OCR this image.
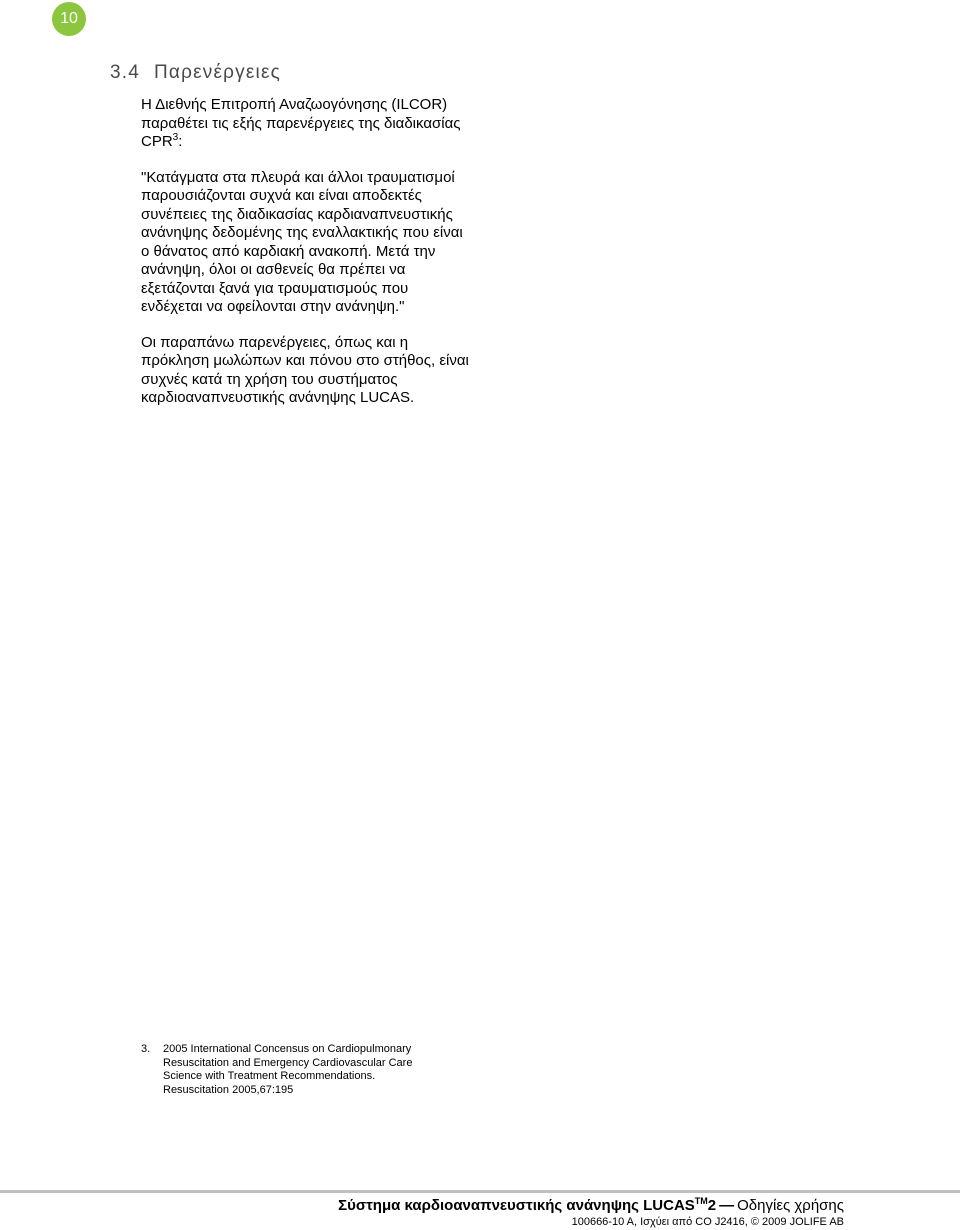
10
3.4 Παρενέργειες

Η Διεθνής Επιτροπή Αναζωογόνησης (ILCOR) παραθέτει τις εξής παρενέργειες της διαδικασίας CPR$^3$:

"Κατάγματα στα πλευρά και άλλοι τραυματισμοί παρουσιάζονται συχνά και είναι αποδεκτές συνέπειες της διαδικασίας καρδιαναπνευστικής ανάνηψης δεδομένης της εναλλακτικής που είναι ο θάνατος από καρδιακή ανακοπή. Μετά την ανάνηψη, όλοι οι ασθενείς θα πρέπει να εξετάζονται ξανά για τραυματισμούς που ενδέχεται να οφείλονται στην ανάνηψη."

Οι παραπάνω παρενέργειες, όπως και η πρόκληση μωλώπων και πόνου στο στήθος, είναι συχνές κατά τη χρήση του συστήματος καρδιοαναπνευστικής ανάνηψης LUCAS.

3.	2005 International Concensus on Cardiopulmonary Resuscitation and Emergency Cardiovascular Care Science with Treatment Recommendations. Resuscitation 2005,67:195
Σύστημα καρδιοαναπνευστικής ανάνηψης LUCAS™2 — Οδηγίες χρήσης
100666-10 A, Ισχύει από CO J2416, © 2009 JOLIFE AB
